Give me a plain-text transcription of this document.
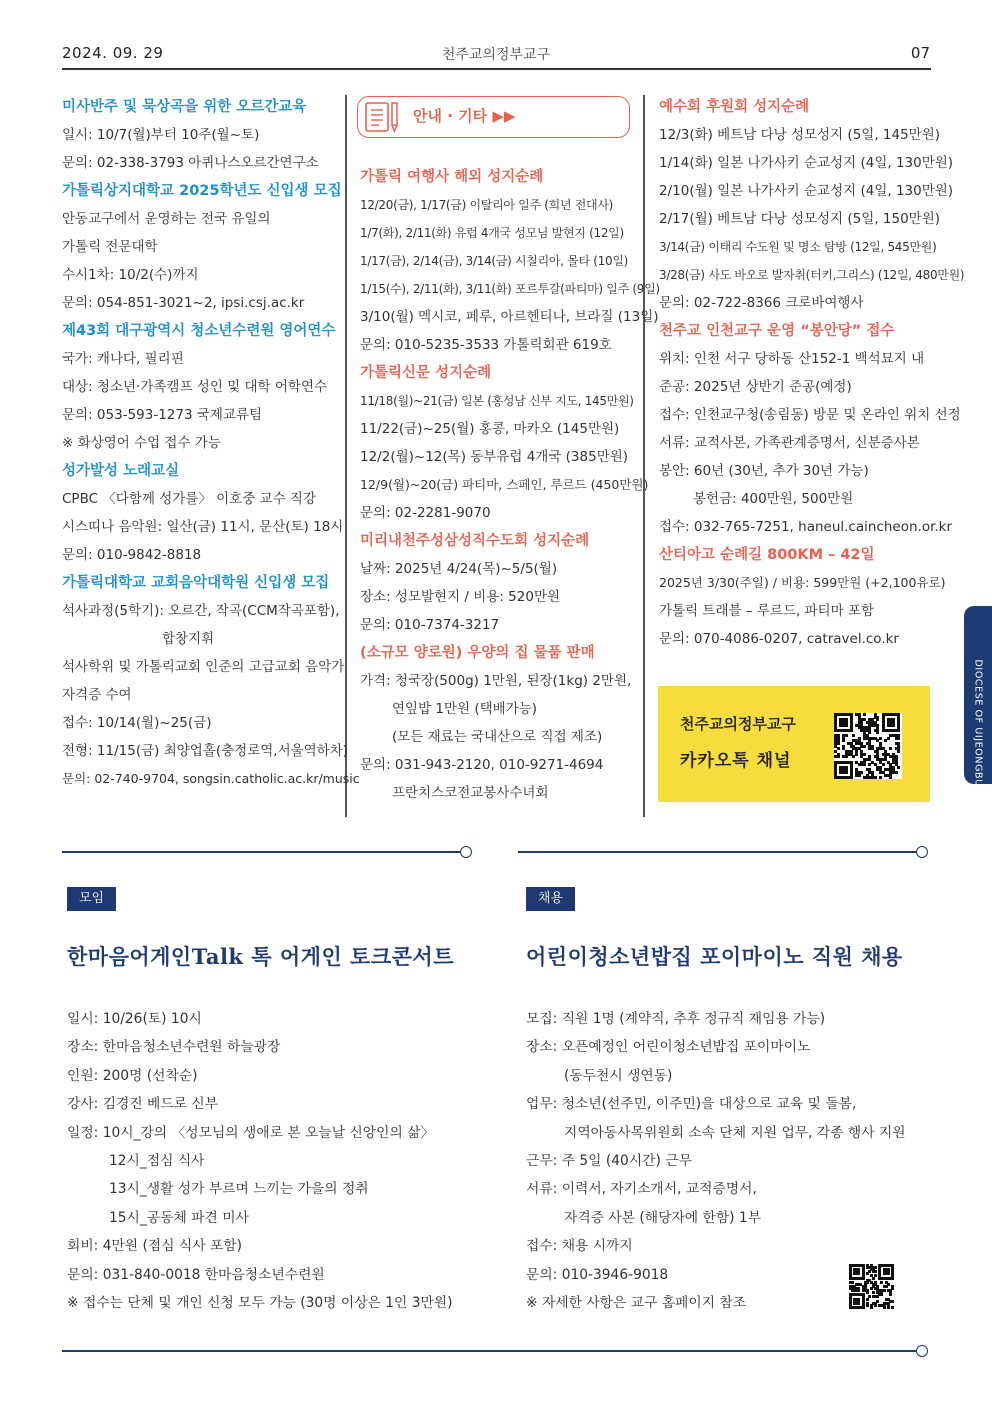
2024. 09. 29	천주교의정부교구	07
미사반주 및 묵상곡을 위한 오르간교육
일시: 10/7(월)부터 10주(월~토)
문의: 02-338-3793 아퀴나스오르간연구소
가톨릭상지대학교 2025학년도 신입생 모집
안동교구에서 운영하는 전국 유일의
가톨릭 전문대학
수시1차: 10/2(수)까지
문의: 054-851-3021~2, ipsi.csj.ac.kr
제43회 대구광역시 청소년수련원 영어연수
국가: 캐나다, 필리핀
대상: 청소년·가족캠프 성인 및 대학 어학연수
문의: 053-593-1273 국제교류팀
※ 화상영어 수업 접수 가능
성가발성 노래교실
CPBC 〈다함께 성가를〉 이호중 교수 직강
시스띠나 음악원: 일산(금) 11시, 문산(토) 18시
문의: 010-9842-8818
가톨릭대학교 교회음악대학원 신입생 모집
석사과정(5학기): 오르간, 작곡(CCM작곡포함),
합창지휘
석사학위 및 가톨릭교회 인준의 고급교회 음악가
자격증 수여
접수: 10/14(월)~25(금)
전형: 11/15(금) 최양업홀(충정로역,서울역하차)
문의: 02-740-9704, songsin.catholic.ac.kr/music
안내 · 기타 ▶▶
가톨릭 여행사 해외 성지순례
12/20(금), 1/17(금) 이탈리아 일주 (희년 전대사)
1/7(화), 2/11(화) 유럽 4개국 성모님 발현지 (12일)
1/17(금), 2/14(금), 3/14(금) 시칠리아, 몰타 (10일)
1/15(수), 2/11(화), 3/11(화) 포르투갈(파티마) 일주 (9일)
3/10(월) 멕시코, 페루, 아르헨티나, 브라질 (13일)
문의: 010-5235-3533 가톨릭회관 619호
가톨릭신문 성지순례
11/18(월)~21(금) 일본 (홍성남 신부 지도, 145만원)
11/22(금)~25(월) 홍콩, 마카오 (145만원)
12/2(월)~12(목) 동부유럽 4개국 (385만원)
12/9(월)~20(금) 파티마, 스페인, 루르드 (450만원)
문의: 02-2281-9070
미리내천주성삼성직수도회 성지순례
날짜: 2025년 4/24(목)~5/5(월)
장소: 성모발현지 / 비용: 520만원
문의: 010-7374-3217
(소규모 양로원) 우양의 집 물품 판매
가격: 청국장(500g) 1만원, 된장(1kg) 2만원,
연잎밥 1만원 (택배가능)
(모든 재료는 국내산으로 직접 제조)
문의: 031-943-2120, 010-9271-4694
프란치스코전교봉사수녀회
예수회 후원회 성지순례
12/3(화) 베트남 다낭 성모성지 (5일, 145만원)
1/14(화) 일본 나가사키 순교성지 (4일, 130만원)
2/10(월) 일본 나가사키 순교성지 (4일, 130만원)
2/17(월) 베트남 다낭 성모성지 (5일, 150만원)
3/14(금) 이태리 수도원 및 명소 탐방 (12일, 545만원)
3/28(금) 사도 바오로 발자취(터키,그리스) (12일, 480만원)
문의: 02-722-8366 크로바여행사
천주교 인천교구 운영 “봉안당” 접수
위치: 인천 서구 당하동 산152-1 백석묘지 내
준공: 2025년 상반기 준공(예정)
접수: 인천교구청(송림동) 방문 및 온라인 위치 선정
서류: 교적사본, 가족관계증명서, 신분증사본
봉안: 60년 (30년, 추가 30년 가능)
봉헌금: 400만원, 500만원
접수: 032-765-7251, haneul.caincheon.or.kr
산티아고 순례길 800KM – 42일
2025년 3/30(주일) / 비용: 599만원 (+2,100유로)
가톨릭 트래블 – 루르드, 파티마 포함
문의: 070-4086-0207, catravel.co.kr
천주교의정부교구
카카오톡 채널	DIOCESE OF UIJEONGBU
모임
한마음어게인Talk 톡 어게인 토크콘서트
일시: 10/26(토) 10시
장소: 한마음청소년수련원 하늘광장
인원: 200명 (선착순)
강사: 김경진 베드로 신부
일정: 10시_강의 〈성모님의 생애로 본 오늘날 신앙인의 삶〉
12시_점심 식사
13시_생활 성가 부르며 느끼는 가을의 정취
15시_공동체 파견 미사
회비: 4만원 (점심 식사 포함)
문의: 031-840-0018 한마음청소년수련원
※ 접수는 단체 및 개인 신청 모두 가능 (30명 이상은 1인 3만원)
채용
어린이청소년밥집 포이마이노 직원 채용
모집: 직원 1명 (계약직, 추후 정규직 재임용 가능)
장소: 오픈예정인 어린이청소년밥집 포이마이노
(동두천시 생연동)
업무: 청소년(선주민, 이주민)을 대상으로 교육 및 돌봄,
지역아동사목위원회 소속 단체 지원 업무, 각종 행사 지원
근무: 주 5일 (40시간) 근무
서류: 이력서, 자기소개서, 교적증명서,
자격증 사본 (해당자에 한함) 1부
접수: 채용 시까지
문의: 010-3946-9018
※ 자세한 사항은 교구 홈페이지 참조
